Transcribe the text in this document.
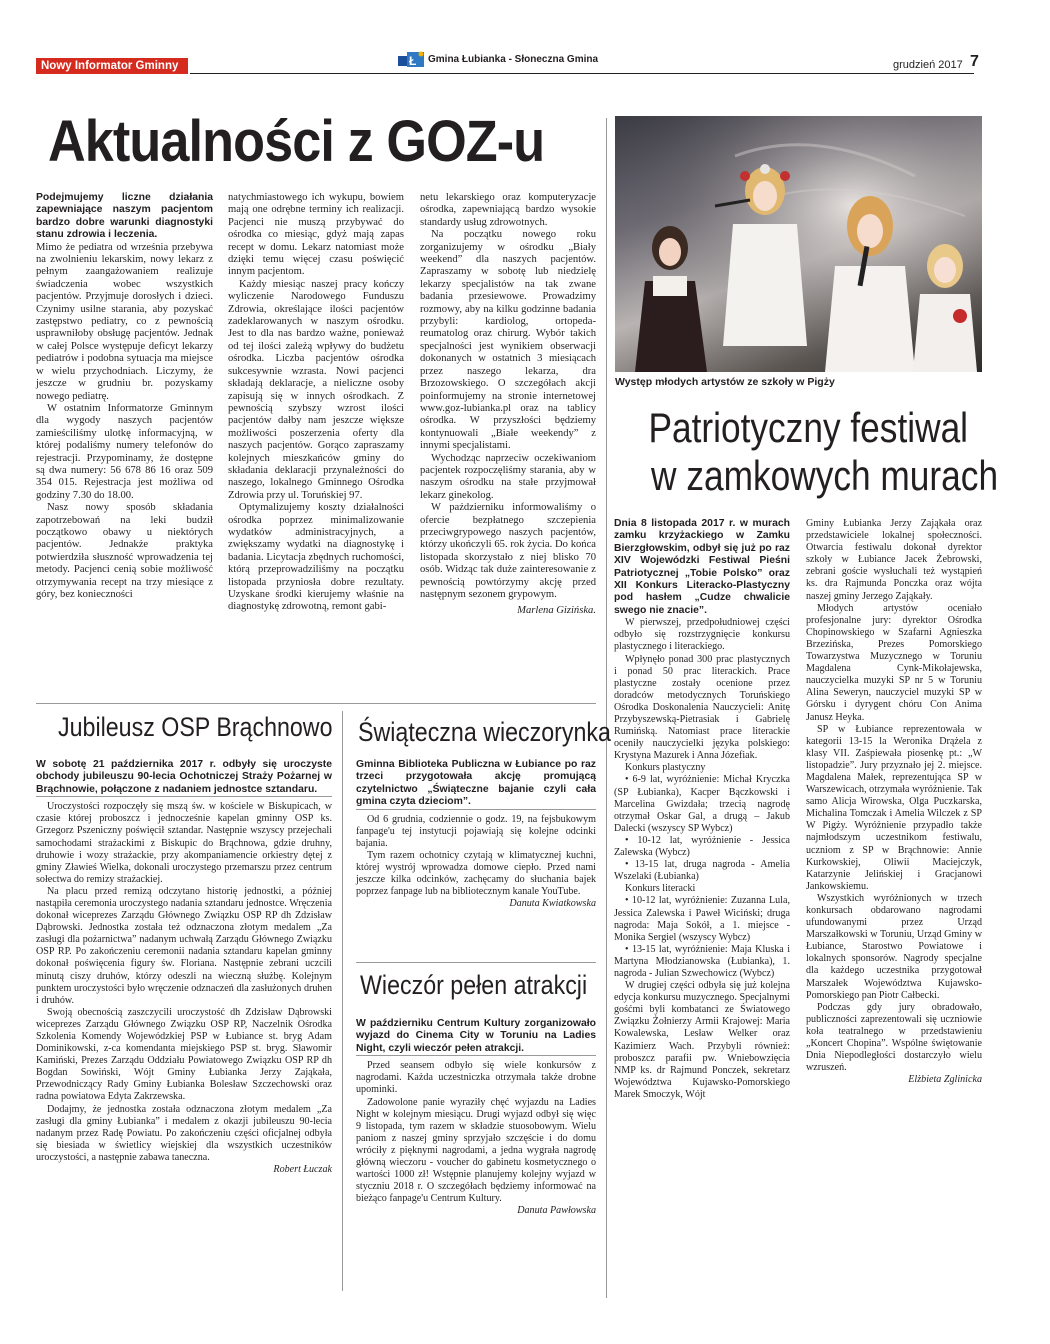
Nowy Informator Gminny	Ł Gmina Łubianka - Słoneczna Gmina	grudzień 2017 7
Aktualności z GOZ-u

Podejmujemy liczne działania zapewniające naszym pacjentom bardzo dobre warunki diagnostyki stanu zdrowia i leczenia.

Mimo że pediatra od września przebywa na zwolnieniu lekarskim, nowy lekarz z pełnym zaangażowaniem realizuje świadczenia wobec wszystkich pacjentów. Przyjmuje dorosłych i dzieci. Czynimy usilne starania, aby pozyskać zastępstwo pediatry, co z pewnością usprawniłoby obsługę pacjentów. Jednak w całej Polsce występuje deficyt lekarzy pediatrów i podobna sytuacja ma miejsce w wielu przychodniach. Liczymy, że jeszcze w grudniu br. pozyskamy nowego pediatrę.

W ostatnim Informatorze Gminnym dla wygody naszych pacjentów zamieściliśmy ulotkę informacyjną, w której podaliśmy numery telefonów do rejestracji. Przypominamy, że dostępne są dwa numery: 56 678 86 16 oraz 509 354 015. Rejestracja jest możliwa od godziny 7.30 do 18.00.

Nasz nowy sposób składania zapotrzebowań na leki budził początkowo obawy u niektórych pacjentów. Jednakże praktyka potwierdziła słuszność wprowadzenia tej metody. Pacjenci cenią sobie możliwość otrzymywania recept na trzy miesiące z góry, bez konieczności

natychmiastowego ich wykupu, bowiem mają one odrębne terminy ich realizacji. Pacjenci nie muszą przybywać do ośrodka co miesiąc, gdyż mają zapas recept w domu. Lekarz natomiast może dzięki temu więcej czasu poświęcić innym pacjentom.

Każdy miesiąc naszej pracy kończy wyliczenie Narodowego Funduszu Zdrowia, określające ilości pacjentów zadeklarowanych w naszym ośrodku. Jest to dla nas bardzo ważne, ponieważ od tej ilości zależą wpływy do budżetu ośrodka. Liczba pacjentów ośrodka sukcesywnie wzrasta. Nowi pacjenci składają deklaracje, a nieliczne osoby zapisują się w innych ośrodkach. Z pewnością szybszy wzrost ilości pacjentów dałby nam jeszcze większe możliwości poszerzenia oferty dla naszych pacjentów. Gorąco zapraszamy kolejnych mieszkańców gminy do składania deklaracji przynależności do naszego, lokalnego Gminnego Ośrodka Zdrowia przy ul. Toruńskiej 97.

Optymalizujemy koszty działalności ośrodka poprzez minimalizowanie wydatków administracyjnych, a zwiększamy wydatki na diagnostykę i badania. Licytacja zbędnych ruchomości, którą przeprowadziliśmy na początku listopada przyniosła dobre rezultaty. Uzyskane środki kierujemy właśnie na diagnostykę zdrowotną, remont gabi-

netu lekarskiego oraz komputeryzacje ośrodka, zapewniającą bardzo wysokie standardy usług zdrowotnych.

Na początku nowego roku zorganizujemy w ośrodku „Biały weekend” dla naszych pacjentów. Zapraszamy w sobotę lub niedzielę lekarzy specjalistów na tak zwane badania przesiewowe. Prowadzimy rozmowy, aby na kilku godzinne badania przybyli: kardiolog, ortopeda- reumatolog oraz chirurg. Wybór takich specjalności jest wynikiem obserwacji dokonanych w ostatnich 3 miesiącach przez naszego lekarza, dra Brzozowskiego. O szczegółach akcji poinformujemy na stronie internetowej www.goz-lubianka.pl oraz na tablicy ośrodka. W przyszłości będziemy kontynuowali „Białe weekendy” z innymi specjalistami.

Wychodząc naprzeciw oczekiwaniom pacjentek rozpoczęliśmy starania, aby w naszym ośrodku na stałe przyjmował lekarz ginekolog.

W październiku informowaliśmy o ofercie bezpłatnego szczepienia przeciwgrypowego naszych pacjentów, którzy ukończyli 65. rok życia. Do końca listopada skorzystało z niej blisko 70 osób. Widząc tak duże zainteresowanie z pewnością powtórzymy akcję przed następnym sezonem grypowym.

Marlena Gizińska.

Występ młodych artystów ze szkoły w Pigży
Patriotyczny festiwal
w zamkowych murach

Dnia 8 listopada 2017 r. w murach zamku krzyżackiego w Zamku Bierzgłowskim, odbył się już po raz XIV Wojewódzki Festiwal Pieśni Patriotycznej „Tobie Polsko” oraz XII Konkurs Literacko-Plastyczny pod hasłem „Cudze chwalicie swego nie znacie”.

W pierwszej, przedpołudniowej części odbyło się rozstrzygnięcie konkursu plastycznego i literackiego.

Wpłynęło ponad 300 prac plastycznych i ponad 50 prac literackich. Prace plastyczne zostały ocenione przez doradców metodycznych Toruńskiego Ośrodka Doskonalenia Nauczycieli: Anitę Przybyszewską-Pietrasiak i Gabrielę Rumińską. Natomiast prace literackie oceniły nauczycielki języka polskiego: Krystyna Mazurek i Anna Józefiak.

Konkurs plastyczny

• 6-9 lat, wyróżnienie: Michał Kryczka (SP Łubianka), Kacper Bączkowski i Marcelina Gwizdała; trzecią nagrodę otrzymał Oskar Gal, a drugą – Jakub Dalecki (wszyscy SP Wybcz)

• 10-12 lat, wyróżnienie - Jessica Zalewska (Wybcz)

• 13-15 lat, druga nagroda - Amelia Wszelaki (Łubianka)

Konkurs literacki

• 10-12 lat, wyróżnienie: Zuzanna Lula, Jessica Zalewska i Paweł Wiciński; druga nagroda: Maja Sokół, a 1. miejsce - Monika Sergiel (wszyscy Wybcz)

• 13-15 lat, wyróżnienie: Maja Kluska i Martyna Młodzianowska (Łubianka), 1. nagroda - Julian Szwechowicz (Wybcz)

W drugiej części odbyła się już kolejna edycja konkursu muzycznego. Specjalnymi gośćmi byli kombatanci ze Światowego Związku Żołnierzy Armii Krajowej: Maria Kowalewska, Lesław Welker oraz Kazimierz Wach. Przybyli również: proboszcz parafii pw. Wniebowzięcia NMP ks. dr Rajmund Ponczek, sekretarz Województwa Kujawsko-Pomorskiego Marek Smoczyk, Wójt

Gminy Łubianka Jerzy Zająkała oraz przedstawiciele lokalnej społeczności. Otwarcia festiwalu dokonał dyrektor szkoły w Łubiance Jacek Żebrowski, zebrani goście wysłuchali też wystąpień ks. dra Rajmunda Ponczka oraz wójta naszej gminy Jerzego Zająkały.

Młodych artystów oceniało profesjonalne jury: dyrektor Ośrodka Chopinowskiego w Szafarni Agnieszka Brzezińska, Prezes Pomorskiego Towarzystwa Muzycznego w Toruniu Magdalena Cynk-Mikołajewska, nauczycielka muzyki SP nr 5 w Toruniu Alina Seweryn, nauczyciel muzyki SP w Górsku i dyrygent chóru Con Anima Janusz Heyka.

SP w Łubiance reprezentowała w kategorii 13-15 la Weronika Drążela z klasy VII. Zaśpiewała piosenkę pt.: „W listopadzie”. Jury przyznało jej 2. miejsce. Magdalena Małek, reprezentująca SP w Warszewicach, otrzymała wyróżnienie. Tak samo Alicja Wirowska, Olga Puczkarska, Michalina Tomczak i Amelia Wilczek z SP W Pigży. Wyróżnienie przypadło także najmłodszym uczestnikom festiwalu, uczniom z SP w Brąchnowie: Annie Kurkowskiej, Oliwii Maciejczyk, Katarzynie Jelińskiej i Gracjanowi Jankowskiemu.

Wszystkich wyróżnionych w trzech konkursach obdarowano nagrodami ufundowanymi przez Urząd Marszałkowski w Toruniu, Urząd Gminy w Łubiance, Starostwo Powiatowe i lokalnych sponsorów. Nagrody specjalne dla każdego uczestnika przygotował Marszałek Województwa Kujawsko-Pomorskiego pan Piotr Całbecki.

Podczas gdy jury obradowało, publiczności zaprezentowali się uczniowie koła teatralnego w przedstawieniu „Koncert Chopina”. Wspólne świętowanie Dnia Niepodległości dostarczyło wielu wzruszeń.

Elżbieta Zglinicka

Jubileusz OSP Brąchnowo

W sobotę 21 października 2017 r. odbyły się uroczyste obchody jubileuszu 90-lecia Ochotniczej Straży Pożarnej w Brąchnowie, połączone z nadaniem jednostce sztandaru.

Uroczystości rozpoczęły się mszą św. w kościele w Biskupicach, w czasie której proboszcz i jednocześnie kapelan gminny OSP ks. Grzegorz Pszeniczny poświęcił sztandar. Następnie wszyscy przejechali samochodami strażackimi z Biskupic do Brąchnowa, gdzie druhny, druhowie i wozy strażackie, przy akompaniamencie orkiestry dętej z gminy Zławieś Wielka, dokonali uroczystego przemarszu przez centrum sołectwa do remizy strażackiej.

Na placu przed remizą odczytano historię jednostki, a później nastąpiła ceremonia uroczystego nadania sztandaru jednostce. Wręczenia dokonał wiceprezes Zarządu Głównego Związku OSP RP dh Zdzisław Dąbrowski. Jednostka została też odznaczona złotym medalem „Za zasługi dla pożarnictwa” nadanym uchwałą Zarządu Głównego Związku OSP RP. Po zakończeniu ceremonii nadania sztandaru kapelan gminny dokonał poświęcenia figury św. Floriana. Następnie zebrani uczcili minutą ciszy druhów, którzy odeszli na wieczną służbę. Kolejnym punktem uroczystości było wręczenie odznaczeń dla zasłużonych druhen i druhów.

Swoją obecnością zaszczycili uroczystość dh Zdzisław Dąbrowski wiceprezes Zarządu Głównego Związku OSP RP, Naczelnik Ośrodka Szkolenia Komendy Wojewódzkiej PSP w Łubiance st. bryg Adam Dominikowski, z-ca komendanta miejskiego PSP st. bryg. Sławomir Kamiński, Prezes Zarządu Oddziału Powiatowego Związku OSP RP dh Bogdan Sowiński, Wójt Gminy Łubianka Jerzy Zająkała, Przewodniczący Rady Gminy Łubianka Bolesław Szczechowski oraz radna powiatowa Edyta Zakrzewska.

Dodajmy, że jednostka została odznaczona złotym medalem „Za zasługi dla gminy Łubianka” i medalem z okazji jubileuszu 90-lecia nadanym przez Radę Powiatu. Po zakończeniu części oficjalnej odbyła się biesiada w świetlicy wiejskiej dla wszystkich uczestników uroczystości, a następnie zabawa taneczna.

Robert Łuczak

Świąteczna wieczorynka

Gminna Biblioteka Publiczna w Łubiance po raz trzeci przygotowała akcję promującą czytelnictwo „Świąteczne bajanie czyli cała gmina czyta dzieciom”.

Od 6 grudnia, codziennie o godz. 19, na fejsbukowym fanpage'u tej instytucji pojawiają się kolejne odcinki bajania.

Tym razem ochotnicy czytają w klimatycznej kuchni, której wystrój wprowadza domowe ciepło. Przed nami jeszcze kilka odcinków, zachęcamy do słuchania bajek poprzez fanpage lub na bibliotecznym kanale YouTube.

Danuta Kwiatkowska

Wieczór pełen atrakcji

W październiku Centrum Kultury zorganizowało wyjazd do Cinema City w Toruniu na Ladies Night, czyli wieczór pełen atrakcji.

Przed seansem odbyło się wiele konkursów z nagrodami. Każda uczestniczka otrzymała także drobne upominki.

Zadowolone panie wyraziły chęć wyjazdu na Ladies Night w kolejnym miesiącu. Drugi wyjazd odbył się więc 9 listopada, tym razem w składzie stuosobowym. Wielu paniom z naszej gminy sprzyjało szczęście i do domu wróciły z pięknymi nagrodami, a jedna wygrała nagrodę główną wieczoru - voucher do gabinetu kosmetycznego o wartości 1000 zł! Wstępnie planujemy kolejny wyjazd w styczniu 2018 r. O szczegółach będziemy informować na bieżąco fanpage'u Centrum Kultury.

Danuta Pawłowska
